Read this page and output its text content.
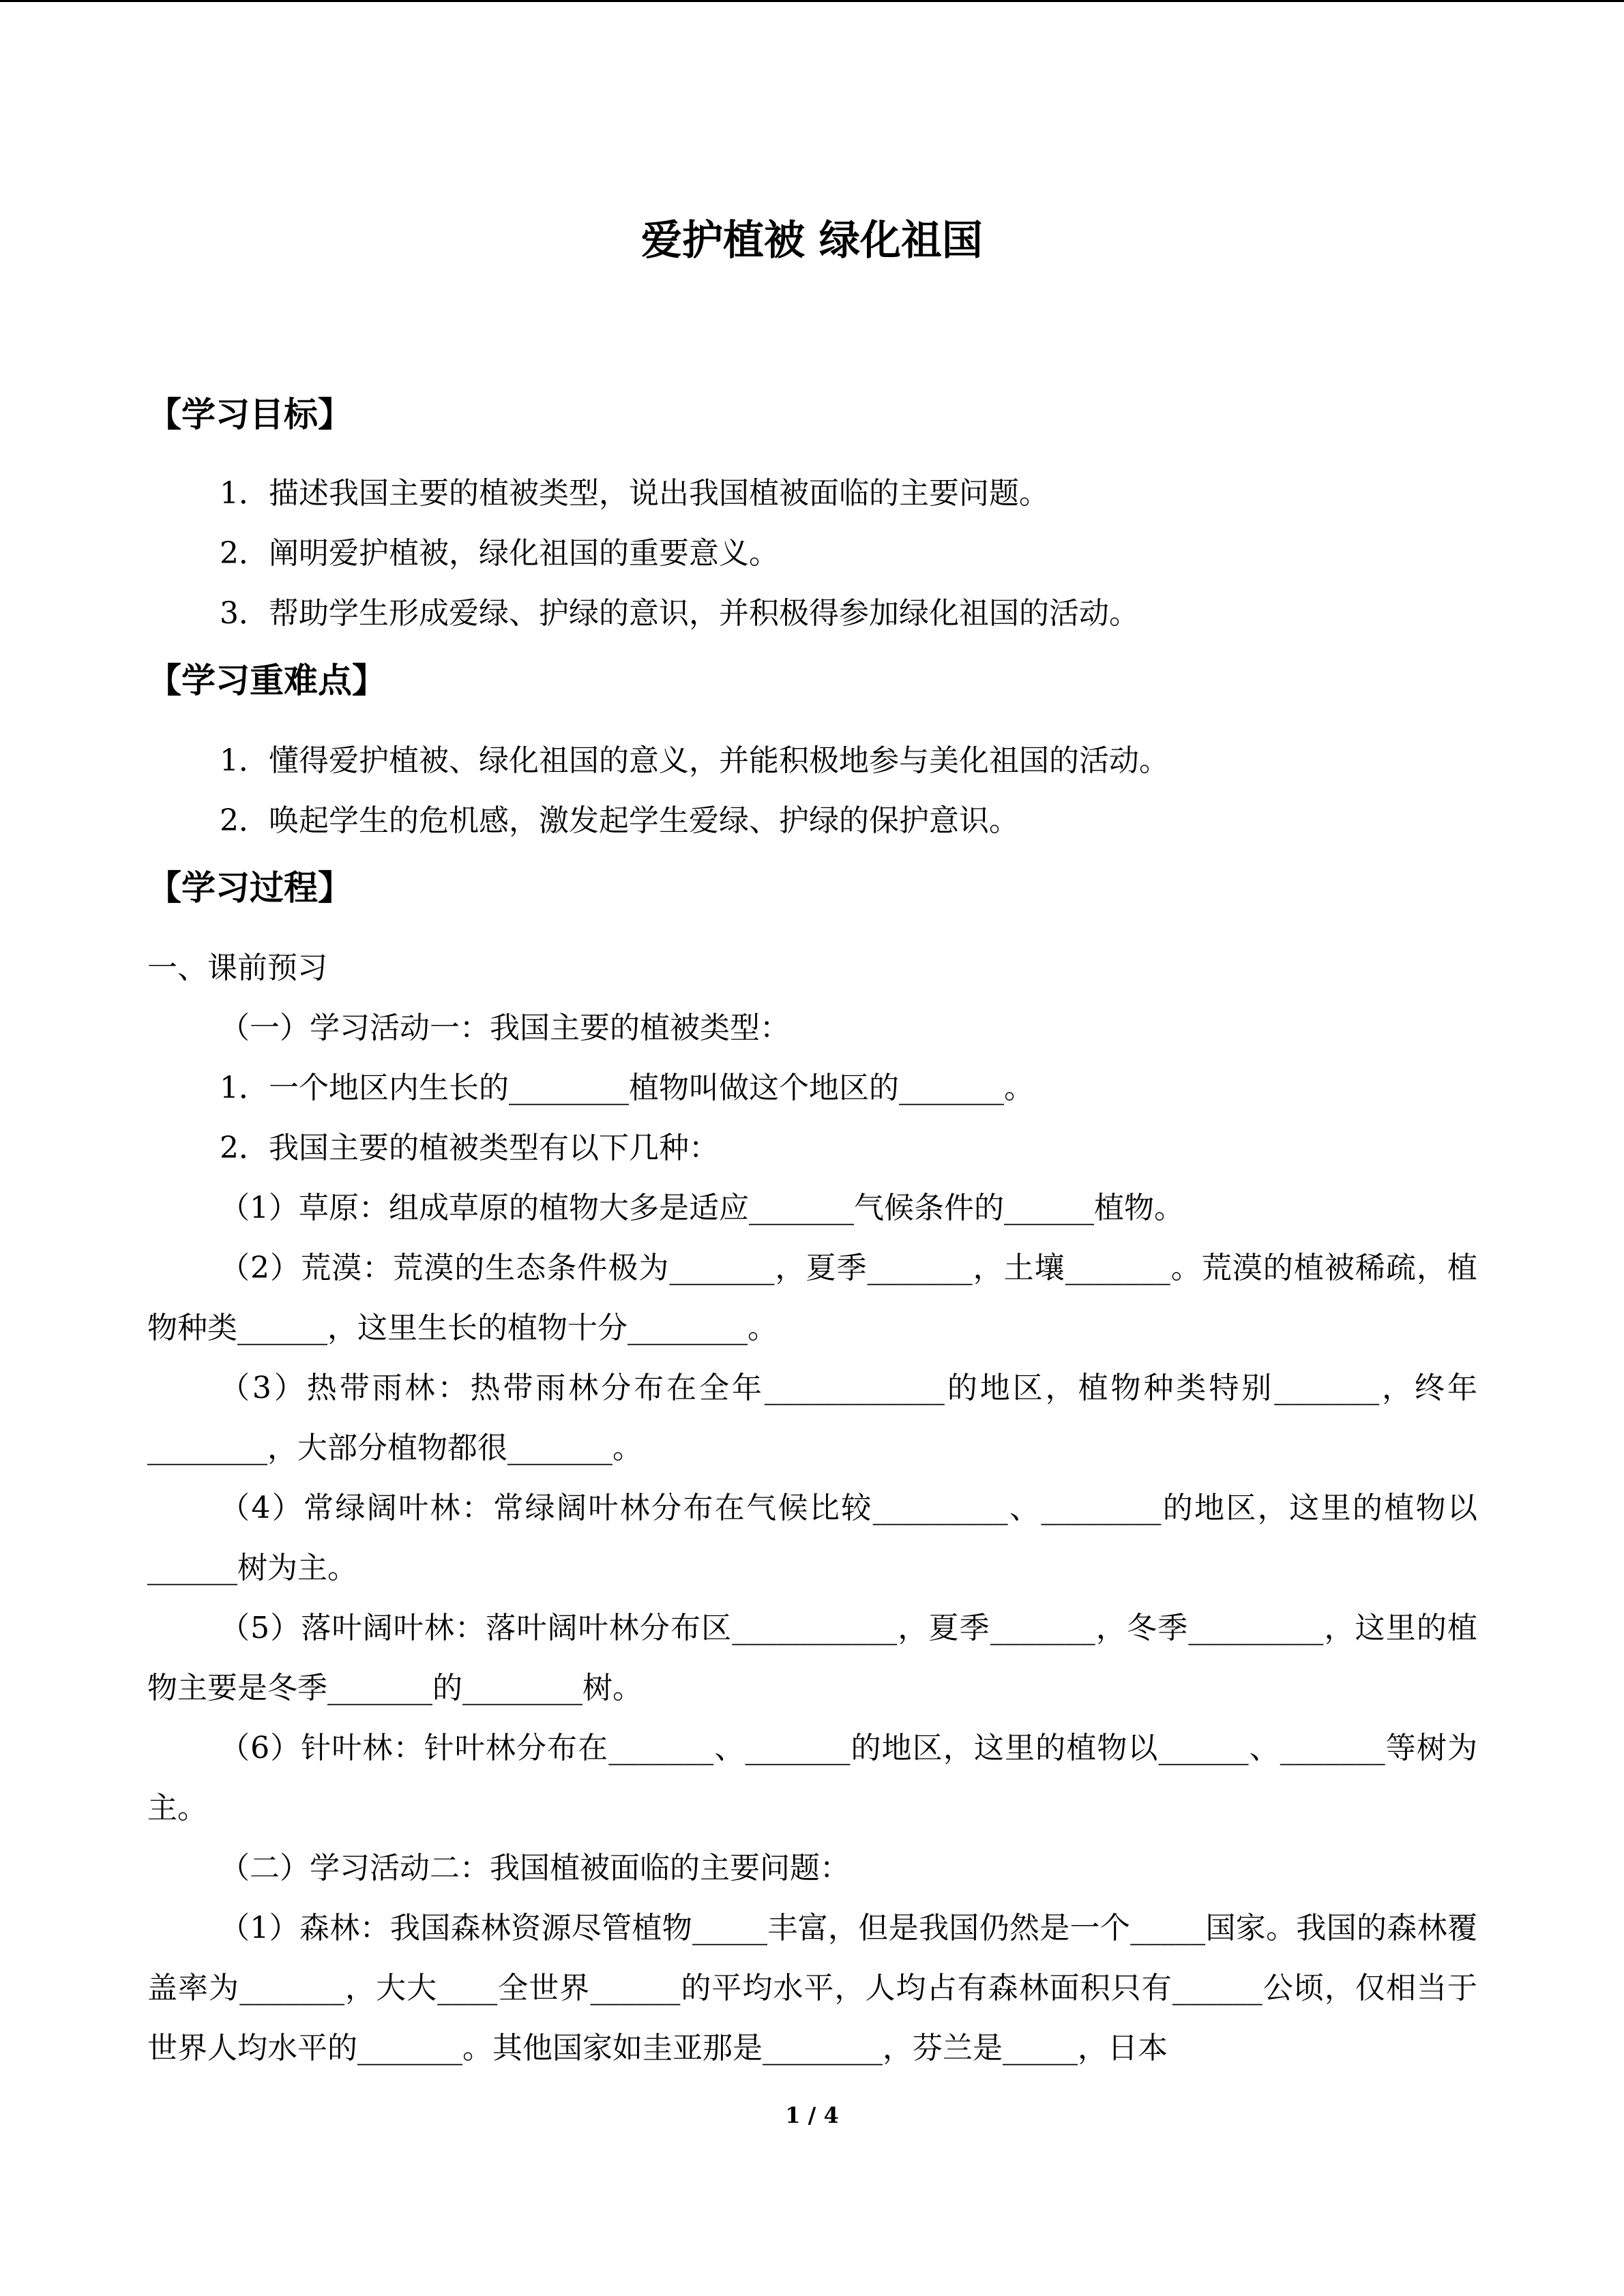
爱护植被 绿化祖国
【学习目标】
1．描述我国主要的植被类型，说出我国植被面临的主要问题。
2．阐明爱护植被，绿化祖国的重要意义。
3．帮助学生形成爱绿、护绿的意识，并积极得参加绿化祖国的活动。
【学习重难点】
1．懂得爱护植被、绿化祖国的意义，并能积极地参与美化祖国的活动。
2．唤起学生的危机感，激发起学生爱绿、护绿的保护意识。
【学习过程】
一、课前预习
（一）学习活动一：我国主要的植被类型：
1．一个地区内生长的________植物叫做这个地区的_______。
2．我国主要的植被类型有以下几种：
（1）草原：组成草原的植物大多是适应_______气候条件的______植物。
（2）荒漠：荒漠的生态条件极为_______，夏季_______，土壤_______。荒漠的植被稀疏，植物种类______，这里生长的植物十分________。
（3）热带雨林：热带雨林分布在全年____________的地区，植物种类特别_______，终年________，大部分植物都很_______。
（4）常绿阔叶林：常绿阔叶林分布在气候比较_________、________的地区，这里的植物以______树为主。
（5）落叶阔叶林：落叶阔叶林分布区___________，夏季_______，冬季_________，这里的植物主要是冬季_______的________树。
（6）针叶林：针叶林分布在_______、_______的地区，这里的植物以______、_______等树为主。
（二）学习活动二：我国植被面临的主要问题：
（1）森林：我国森林资源尽管植物_____丰富，但是我国仍然是一个_____国家。我国的森林覆盖率为_______，大大____全世界______的平均水平，人均占有森林面积只有______公顷，仅相当于世界人均水平的_______。其他国家如圭亚那是________，芬兰是_____，日本
1 / 4
